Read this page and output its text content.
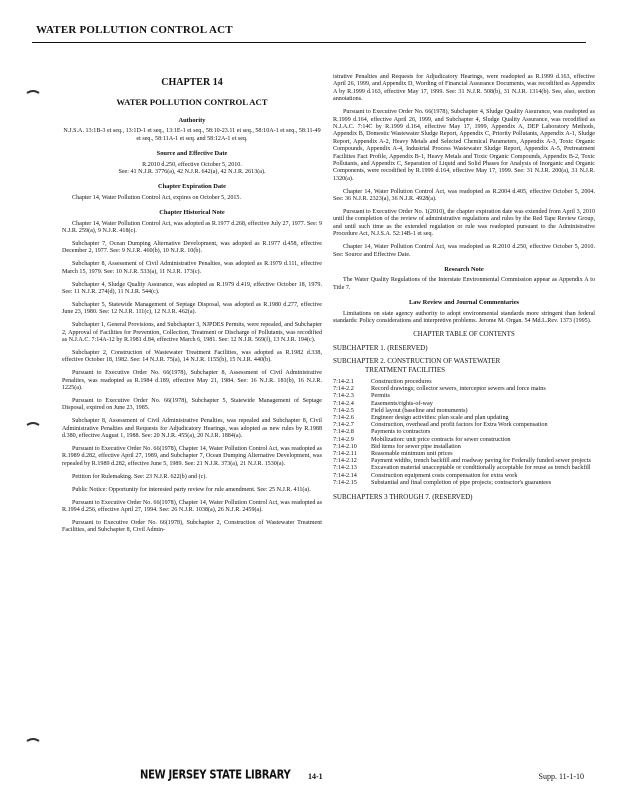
WATER POLLUTION CONTROL ACT
CHAPTER 14
WATER POLLUTION CONTROL ACT
Authority

N.J.S.A. 13:1B-3 et seq., 13:1D-1 et seq., 13:1E-1 et seq., 58:10-23.11 et seq., 58:10A-1 et seq., 58:11-49 et seq., 58:11A-1 et seq. and 58:12A-1 et seq.

Source and Effective Date

R.2010 d.250, effective October 5, 2010.
See: 41 N.J.R. 3776(a), 42 N.J.R. 642(a), 42 N.J.R. 2613(a).

Chapter Expiration Date

Chapter 14, Water Pollution Control Act, expires on October 5, 2015.

Chapter Historical Note

Chapter 14, Water Pollution Control Act, was adopted as R.1977 d.268, effective July 27, 1977. See: 9 N.J.R. 259(a), 9 N.J.R. 418(c).

Subchapter 7, Ocean Dumping Alternative Development, was adopted as R.1977 d.458, effective December 2, 1977. See: 9 N.J.R. 460(b), 10 N.J.R. 10(b).

Subchapter 8, Assessment of Civil Administrative Penalties, was adopted as R.1979 d.111, effective March 15, 1979. See: 10 N.J.R. 533(a), 11 N.J.R. 173(c).

Subchapter 4, Sludge Quality Assurance, was adopted as R.1979 d.419, effective October 18, 1979. See: 11 N.J.R. 274(d), 11 N.J.R. 544(c).

Subchapter 5, Statewide Management of Septage Disposal, was adopted as R.1980 d.277, effective June 23, 1980. See: 12 N.J.R. 111(c), 12 N.J.R. 462(a).

Subchapter 1, General Provisions, and Subchapter 3, NJPDES Permits, were repealed, and Subchapter 2, Approval of Facilities for Prevention, Collection, Treatment or Discharge of Pollutants, was recodified as N.J.A.C. 7:14A-12 by R.1981 d.84, effective March 6, 1981. See: 12 N.J.R. 569(f), 13 N.J.R. 194(c).

Subchapter 2, Construction of Wastewater Treatment Facilities, was adopted as R.1982 d.338, effective October 18, 1982. See: 14 N.J.R. 75(a), 14 N.J.R. 1155(b), 15 N.J.R. 440(b).

Pursuant to Executive Order No. 66(1978), Subchapter 8, Assessment of Civil Administrative Penalties, was readopted as R.1984 d.189, effective May 21, 1984. See: 16 N.J.R. 181(b), 16 N.J.R. 1225(a).

Pursuant to Executive Order No. 66(1978), Subchapter 5, Statewide Management of Septage Disposal, expired on June 23, 1985.

Subchapter 8, Assessment of Civil Administrative Penalties, was repealed and Subchapter 8, Civil Administrative Penalties and Requests for Adjudicatory Hearings, was adopted as new rules by R.1988 d.380, effective August 1, 1988. See: 20 N.J.R. 455(a), 20 N.J.R. 1884(a).

Pursuant to Executive Order No. 66(1978), Chapter 14, Water Pollution Control Act, was readopted as R.1989 d.282, effective April 27, 1989, and Subchapter 7, Ocean Dumping Alternative Development, was repealed by R.1989 d.282, effective June 5, 1989. See: 21 N.J.R. 373(a), 21 N.J.R. 1530(a).

Petition for Rulemaking. See: 23 N.J.R. 622(b) and (c).

Public Notice: Opportunity for interested party review for rule amendment. See: 25 N.J.R. 411(a).

Pursuant to Executive Order No. 66(1978), Chapter 14, Water Pollution Control Act, was readopted as R.1994 d.256, effective April 27, 1994. See: 26 N.J.R. 1038(a), 26 N.J.R. 2459(a).

Pursuant to Executive Order No. 66(1978), Subchapter 2, Construction of Wastewater Treatment Facilities, and Subchapter 8, Civil Admin-

istrative Penalties and Requests for Adjudicatory Hearings, were readopted as R.1999 d.163, effective April 26, 1999, and Appendix D, Wording of Financial Assurance Documents, was recodified as Appendix A by R.1999 d.163, effective May 17, 1999. See: 31 N.J.R. 508(b), 31 N.J.R. 1314(b). See, also, section annotations.

Pursuant to Executive Order No. 66(1978), Subchapter 4, Sludge Quality Assurance, was readopted as R.1999 d.164, effective April 26, 1999, and Subchapter 4, Sludge Quality Assurance, was recodified as N.J.A.C. 7:14C by R.1999 d.164, effective May 17, 1999, Appendix A, DEP Laboratory Methods, Appendix B, Domestic Wastewater Sludge Report, Appendix C, Priority Pollutants, Appendix A-1, Sludge Report, Appendix A-2, Heavy Metals and Selected Chemical Parameters, Appendix A-3, Toxic Organic Compounds, Appendix A-4, Industrial Process Wastewater Sludge Report, Appendix A-5, Pretreatment Facilities Fact Profile, Appendix B-1, Heavy Metals and Toxic Organic Compounds, Appendix B-2, Toxic Pollutants, and Appendix C, Separation of Liquid and Solid Phases for Analysis of Inorganic and Organic Components, were recodified by R.1999 d.164, effective May 17, 1999. See: 31 N.J.R. 200(a), 31 N.J.R. 1320(a).

Chapter 14, Water Pollution Control Act, was readopted as R.2004 d.405, effective October 5, 2004. See: 36 N.J.R. 2323(a), 36 N.J.R. 4928(a).

Pursuant to Executive Order No. 1(2010), the chapter expiration date was extended from April 3, 2010 until the completion of the review of administrative regulations and rules by the Red Tape Review Group, and until such time as the extended regulation or rule was readopted pursuant to the Administrative Procedure Act, N.J.S.A. 52:14B-1 et seq.

Chapter 14, Water Pollution Control Act, was readopted as R.2010 d.250, effective October 5, 2010. See: Source and Effective Date.

Research Note

The Water Quality Regulations of the Interstate Environmental Commission appear as Appendix A to Title 7.

Law Review and Journal Commentaries

Limitations on state agency authority to adopt environmental standards more stringent than federal standards: Policy considerations and interpretive problems. Jerome M. Organ. 54 Md.L.Rev. 1373 (1995).

CHAPTER TABLE OF CONTENTS
SUBCHAPTER 1. (RESERVED)
SUBCHAPTER 2. CONSTRUCTION OF WASTEWATER
TREATMENT FACILITIES
7:14-2.1	Construction procedures
7:14-2.2	Record drawings; collector sewers, interceptor sewers and force mains
7:14-2.3	Permits
7:14-2.4	Easements/rights-of-way
7:14-2.5	Field layout (baseline and monuments)
7:14-2.6	Engineer design activities: plan scale and plan updating
7:14-2.7	Construction, overhead and profit factors for Extra Work compensation
7:14-2.8	Payments to contractors
7:14-2.9	Mobilization: unit price contracts for sewer construction
7:14-2.10	Bid items for sewer pipe installation
7:14-2.11	Reasonable minimum unit prices
7:14-2.12	Payment widths, trench backfill and roadway paving for Federally funded sewer projects
7:14-2.13	Excavation material unacceptable or conditionally acceptable for reuse as trench backfill
7:14-2.14	Construction equipment costs compensation for extra work
7:14-2.15	Substantial and final completion of pipe projects; contractor's guarantees
SUBCHAPTERS 3 THROUGH 7. (RESERVED)
NEW JERSEY STATE LIBRARY 14-1	Supp. 11-1-10
